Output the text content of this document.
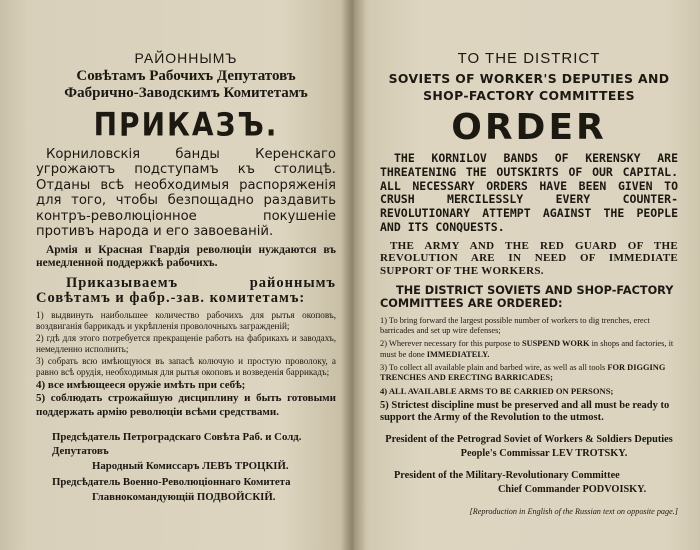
РАЙОННЫМЪ
Совѣтамъ Рабочихъ Депутатовъ
Фабрично-Заводскимъ Комитетамъ
ПРИКАЗЪ.

Корниловскія банды Керенскаго угрожаютъ подступамъ къ столицѣ. Отданы всѣ необходимыя распоряженія для того, чтобы безпощадно раздавить контръ-революціонное покушеніе противъ народа и его завоеваній.

Армія и Красная Гвардія революціи нуждаются въ немедленной поддержкѣ рабочихъ.

Приказываемъ районнымъ Совѣтамъ и фабр.-зав. комитетамъ:

1) выдвинуть наибольшее количество рабочихъ для рытья окоповъ, воздвиганія баррикадъ и укрѣпленія проволочныхъ загражденій;

2) гдѣ для этого потребуется прекращеніе работъ на фабрикахъ и заводахъ, немедленно исполнить;

3) собрать всю имѣющуюся въ запасѣ колючую и простую проволоку, а равно всѣ орудія, необходимыя для рытья окоповъ и возведенія баррикадъ;

4) все имѣющееся оружіе имѣть при себѣ;

5) соблюдать строжайшую дисциплину и быть готовыми поддержать армію революціи всѣми средствами.

Предсѣдатель Петроградскаго Совѣта Раб. и Солд. Депутатовъ
Народный Комиссаръ ЛЕВЪ ТРОЦКІЙ.
Предсѣдатель Военно-Революціоннаго Комитета
Главнокомандующій ПОДВОЙСКІЙ.
TO THE DISTRICT
SOVIETS OF WORKER'S DEPUTIES AND
SHOP-FACTORY COMMITTEES
ORDER

THE KORNILOV BANDS OF KERENSKY ARE THREATENING THE OUTSKIRTS OF OUR CAPITAL. ALL NECESSARY ORDERS HAVE BEEN GIVEN TO CRUSH MERCILESSLY EVERY COUNTER-REVOLUTIONARY ATTEMPT AGAINST THE PEOPLE AND ITS CONQUESTS.

THE ARMY AND THE RED GUARD OF THE REVOLUTION ARE IN NEED OF IMMEDIATE SUPPORT OF THE WORKERS.

THE DISTRICT SOVIETS AND SHOP-FACTORY COMMITTEES ARE ORDERED:

1) To bring forward the largest possible number of workers to dig trenches, erect barricades and set up wire defenses;

2) Wherever necessary for this purpose to SUSPEND WORK in shops and factories, it must be done IMMEDIATELY.

3) To collect all available plain and barbed wire, as well as all tools FOR DIGGING TRENCHES AND ERECTING BARRICADES;

4) ALL AVAILABLE ARMS TO BE CARRIED ON PERSONS;

5) Strictest discipline must be preserved and all must be ready to support the Army of the Revolution to the utmost.

President of the Petrograd Soviet of Workers & Soldiers Deputies
People's Commissar LEV TROTSKY.
President of the Military-Revolutionary Committee
Chief Commander PODVOISKY.

[Reproduction in English of the Russian text on opposite page.]
